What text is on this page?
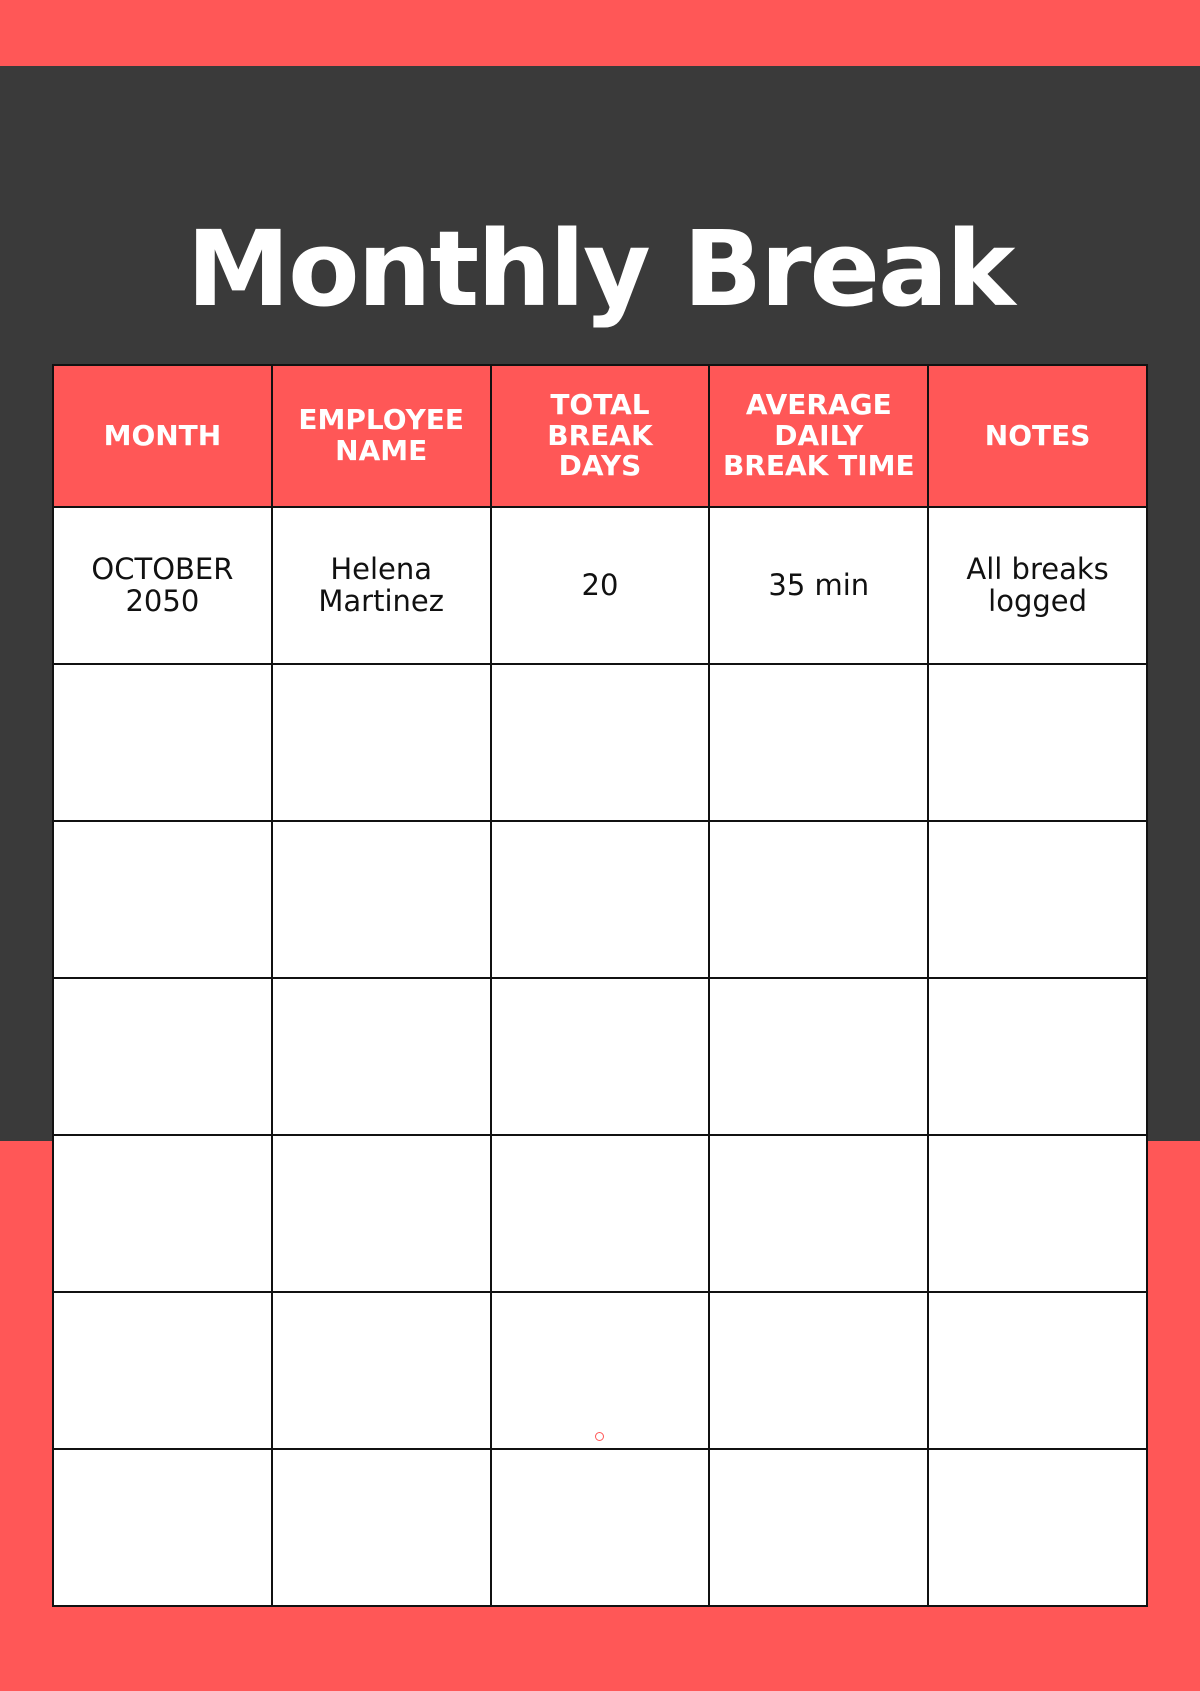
Monthly Break
MONTH	EMPLOYEE NAME	TOTAL BREAK DAYS	AVERAGE DAILY BREAK TIME	NOTES
OCTOBER 2050	Helena Martinez	20	35 min	All breaks logged
